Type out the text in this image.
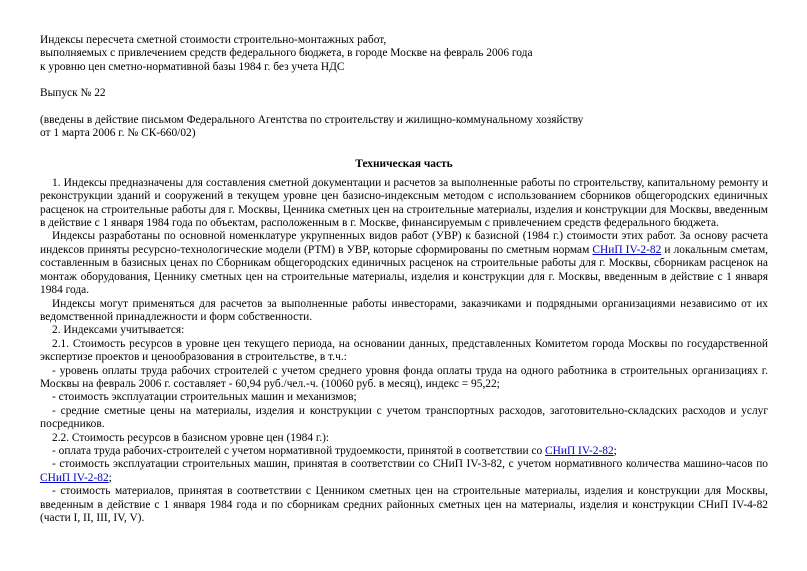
Индексы пересчета сметной стоимости строительно-монтажных работ,

выполняемых с привлечением средств федерального бюджета, в городе Москве на февраль 2006 года

к уровню цен сметно-нормативной базы 1984 г. без учета НДС

Выпуск № 22

(введены в действие письмом Федерального Агентства по строительству и жилищно-коммунальному хозяйству

от 1 марта 2006 г. № СК-660/02)

Техническая часть

1. Индексы предназначены для составления сметной документации и расчетов за выполненные работы по строительству, капитальному ремонту и реконструкции зданий и сооружений в текущем уровне цен базисно-индексным методом с использованием сборников общегородских единичных расценок на строительные работы для г. Москвы, Ценника сметных цен на строительные материалы, изделия и конструкции для Москвы, введенным в действие с 1 января 1984 года по объектам, расположенным в г. Москве, финансируемым с привлечением средств федерального бюджета.

Индексы разработаны по основной номенклатуре укрупненных видов работ (УВР) к базисной (1984 г.) стоимости этих работ. За основу расчета индексов приняты ресурсно-технологические модели (РТМ) в УВР, которые сформированы по сметным нормам СНиП IV-2-82 и локальным сметам, составленным в базисных ценах по Сборникам общегородских единичных расценок на строительные работы для г. Москвы, сборникам расценок на монтаж оборудования, Ценнику сметных цен на строительные материалы, изделия и конструкции для г. Москвы, введенным в действие с 1 января 1984 года.

Индексы могут применяться для расчетов за выполненные работы инвесторами, заказчиками и подрядными организациями независимо от их ведомственной принадлежности и форм собственности.

2. Индексами учитывается:

2.1. Стоимость ресурсов в уровне цен текущего периода, на основании данных, представленных Комитетом города Москвы по государственной экспертизе проектов и ценообразования в строительстве, в т.ч.:

- уровень оплаты труда рабочих строителей с учетом среднего уровня фонда оплаты труда на одного работника в строительных организациях г. Москвы на февраль 2006 г. составляет - 60,94 руб./чел.-ч. (10060 руб. в месяц), индекс = 95,22;

- стоимость эксплуатации строительных машин и механизмов;

- средние сметные цены на материалы, изделия и конструкции с учетом транспортных расходов, заготовительно-складских расходов и услуг посредников.

2.2. Стоимость ресурсов в базисном уровне цен (1984 г.):

- оплата труда рабочих-строителей с учетом нормативной трудоемкости, принятой в соответствии со СНиП IV-2-82;

- стоимость эксплуатации строительных машин, принятая в соответствии со СНиП IV-3-82, с учетом нормативного количества машино-часов по СНиП IV-2-82;

- стоимость материалов, принятая в соответствии с Ценником сметных цен на строительные материалы, изделия и конструкции для Москвы, введенным в действие с 1 января 1984 года и по сборникам средних районных сметных цен на материалы, изделия и конструкции СНиП IV-4-82 (части I, II, III, IV, V).
